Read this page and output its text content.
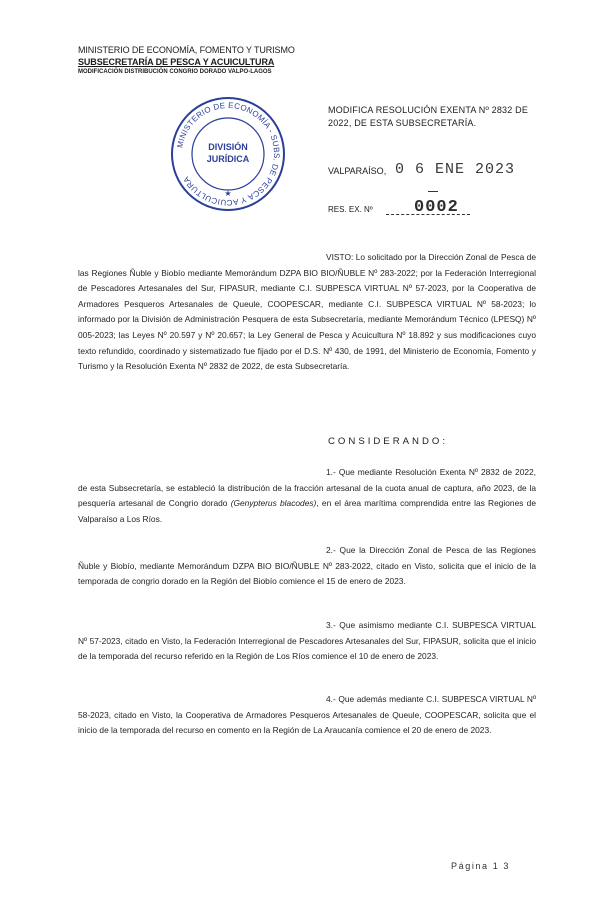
MINISTERIO DE ECONOMÍA, FOMENTO Y TURISMO
SUBSECRETARÍA DE PESCA Y ACUICULTURA
MODIFICACIÓN DISTRIBUCIÓN CONGRIO DORADO VALPO-LAGOS
MINISTERIO DE ECONOMÍA - SUBS. DE PESCA Y ACUICULTURA
DIVISIÓN
JURÍDICA
★
MODIFICA RESOLUCIÓN EXENTA Nº 2832 DE 2022, DE ESTA SUBSECRETARÍA.
VALPARAÍSO, 0 6 ENE 2023
RES. EX. Nº 0002
VISTO: Lo solicitado por la Dirección Zonal de Pesca de las Regiones Ñuble y Biobío mediante Memorándum DZPA BIO BIO/ÑUBLE Nº 283-2022; por la Federación Interregional de Pescadores Artesanales del Sur, FIPASUR, mediante C.I. SUBPESCA VIRTUAL Nº 57-2023, por la Cooperativa de Armadores Pesqueros Artesanales de Queule, COOPESCAR, mediante C.I. SUBPESCA VIRTUAL Nº 58-2023; lo informado por la División de Administración Pesquera de esta Subsecretaría, mediante Memorándum Técnico (LPESQ) Nº 005-2023; las Leyes Nº 20.597 y Nº 20.657; la Ley General de Pesca y Acuicultura Nº 18.892 y sus modificaciones cuyo texto refundido, coordinado y sistematizado fue fijado por el D.S. Nº 430, de 1991, del Ministerio de Economía, Fomento y Turismo y la Resolución Exenta Nº 2832 de 2022, de esta Subsecretaría.
CONSIDERANDO:
1.- Que mediante Resolución Exenta Nº 2832 de 2022, de esta Subsecretaría, se estableció la distribución de la fracción artesanal de la cuota anual de captura, año 2023, de la pesquería artesanal de Congrio dorado (Genypterus blacodes), en el área marítima comprendida entre las Regiones de Valparaíso a Los Ríos.
2.- Que la Dirección Zonal de Pesca de las Regiones Ñuble y Biobío, mediante Memorándum DZPA BIO BIO/ÑUBLE Nº 283-2022, citado en Visto, solicita que el inicio de la temporada de congrio dorado en la Región del Biobío comience el 15 de enero de 2023.
3.- Que asimismo mediante C.I. SUBPESCA VIRTUAL Nº 57-2023, citado en Visto, la Federación Interregional de Pescadores Artesanales del Sur, FIPASUR, solicita que el inicio de la temporada del recurso referido en la Región de Los Ríos comience el 10 de enero de 2023.
4.- Que además mediante C.I. SUBPESCA VIRTUAL Nº 58-2023, citado en Visto, la Cooperativa de Armadores Pesqueros Artesanales de Queule, COOPESCAR, solicita que el inicio de la temporada del recurso en comento en la Región de La Araucanía comience el 20 de enero de 2023.
Página 1 3
